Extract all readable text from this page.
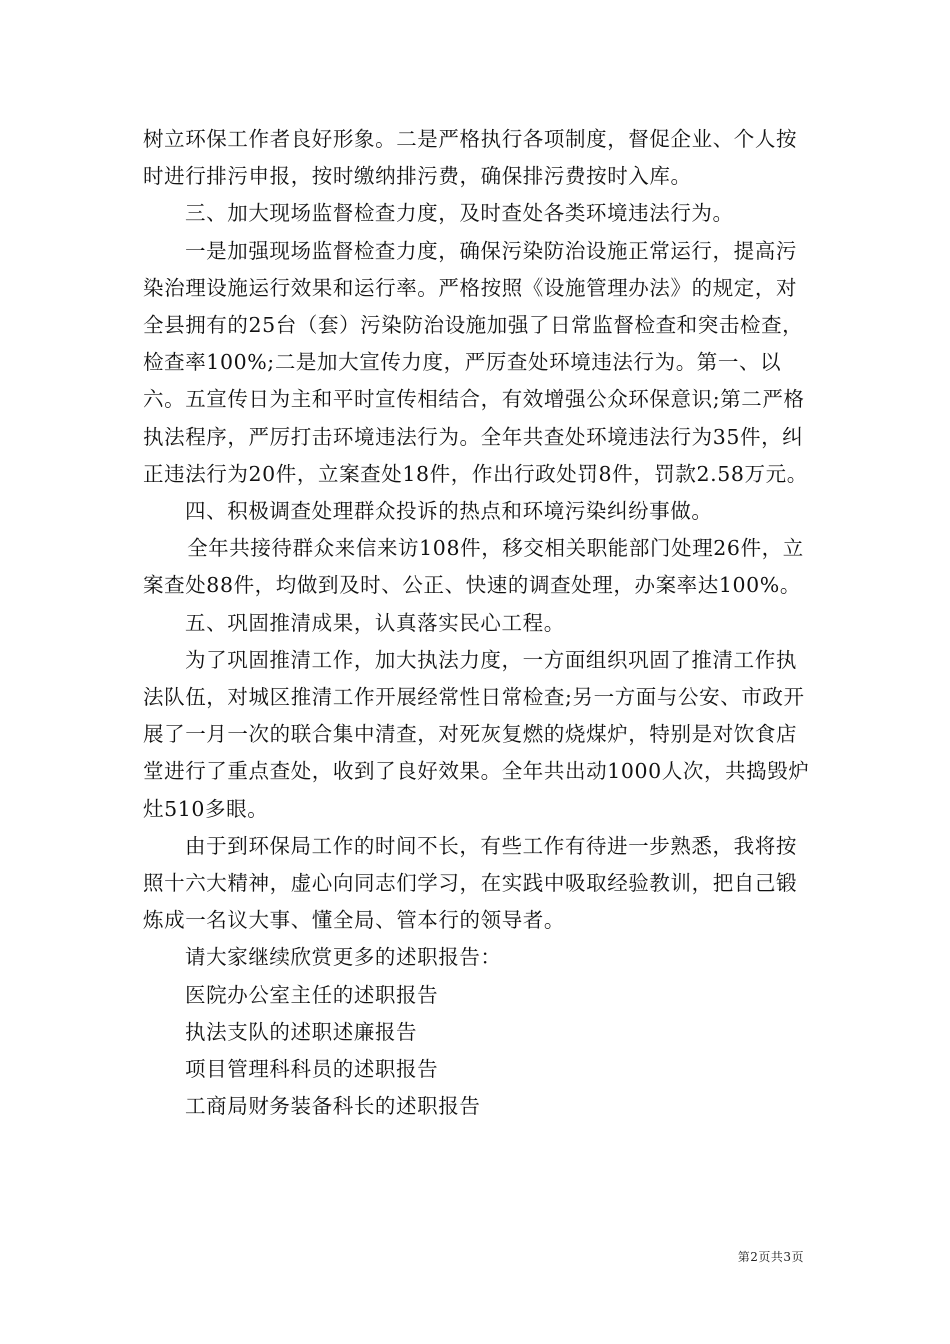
树立环保工作者良好形象。二是严格执行各项制度，督促企业、个人按时进行排污申报，按时缴纳排污费，确保排污费按时入库。

三、加大现场监督检查力度，及时查处各类环境违法行为。

一是加强现场监督检查力度，确保污染防治设施正常运行，提高污染治理设施运行效果和运行率。严格按照《设施管理办法》的规定，对全县拥有的25台（套）污染防治设施加强了日常监督检查和突击检查，检查率100%;二是加大宣传力度，严厉查处环境违法行为。第一、以六。五宣传日为主和平时宣传相结合，有效增强公众环保意识;第二严格执法程序，严厉打击环境违法行为。全年共查处环境违法行为35件，纠正违法行为20件，立案查处18件，作出行政处罚8件，罚款2.58万元。

四、积极调查处理群众投诉的热点和环境污染纠纷事做。

全年共接待群众来信来访108件，移交相关职能部门处理26件，立案查处88件，均做到及时、公正、快速的调查处理，办案率达100%。

五、巩固推清成果，认真落实民心工程。

为了巩固推清工作，加大执法力度，一方面组织巩固了推清工作执法队伍，对城区推清工作开展经常性日常检查;另一方面与公安、市政开展了一月一次的联合集中清查，对死灰复燃的烧煤炉，特别是对饮食店堂进行了重点查处，收到了良好效果。全年共出动1000人次，共捣毁炉灶510多眼。

由于到环保局工作的时间不长，有些工作有待进一步熟悉，我将按照十六大精神，虚心向同志们学习，在实践中吸取经验教训，把自己锻炼成一名议大事、懂全局、管本行的领导者。

请大家继续欣赏更多的述职报告：

医院办公室主任的述职报告

执法支队的述职述廉报告

项目管理科科员的述职报告

工商局财务装备科长的述职报告

第2页共3页
